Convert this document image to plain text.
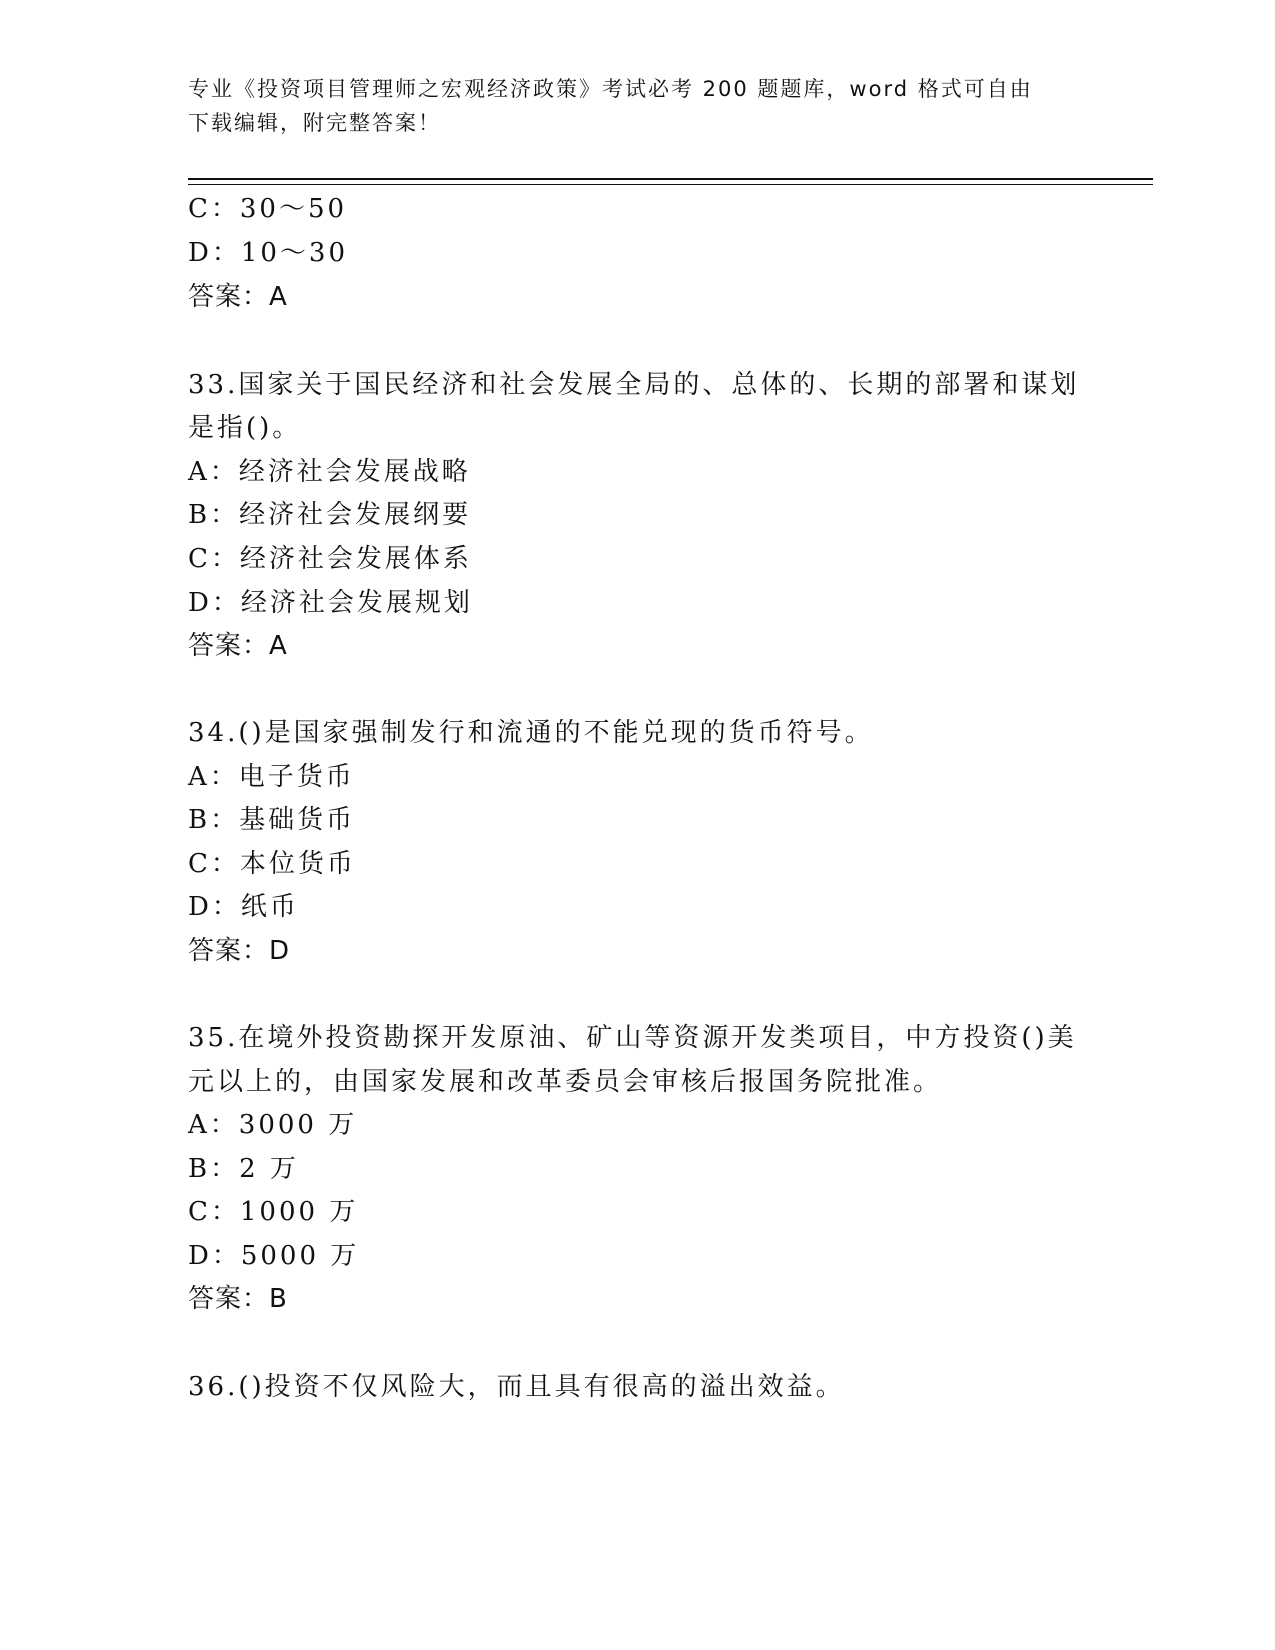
专业《投资项目管理师之宏观经济政策》考试必考 200 题题库，word 格式可自由
下载编辑，附完整答案！
C：30～50
D：10～30
答案：A
33.国家关于国民经济和社会发展全局的、总体的、长期的部署和谋划
是指()。
A：经济社会发展战略
B：经济社会发展纲要
C：经济社会发展体系
D：经济社会发展规划
答案：A
34.()是国家强制发行和流通的不能兑现的货币符号。
A：电子货币
B：基础货币
C：本位货币
D：纸币
答案：D
35.在境外投资勘探开发原油、矿山等资源开发类项目，中方投资()美
元以上的，由国家发展和改革委员会审核后报国务院批准。
A：3000 万
B：2 万
C：1000 万
D：5000 万
答案：B
36.()投资不仅风险大，而且具有很高的溢出效益。
